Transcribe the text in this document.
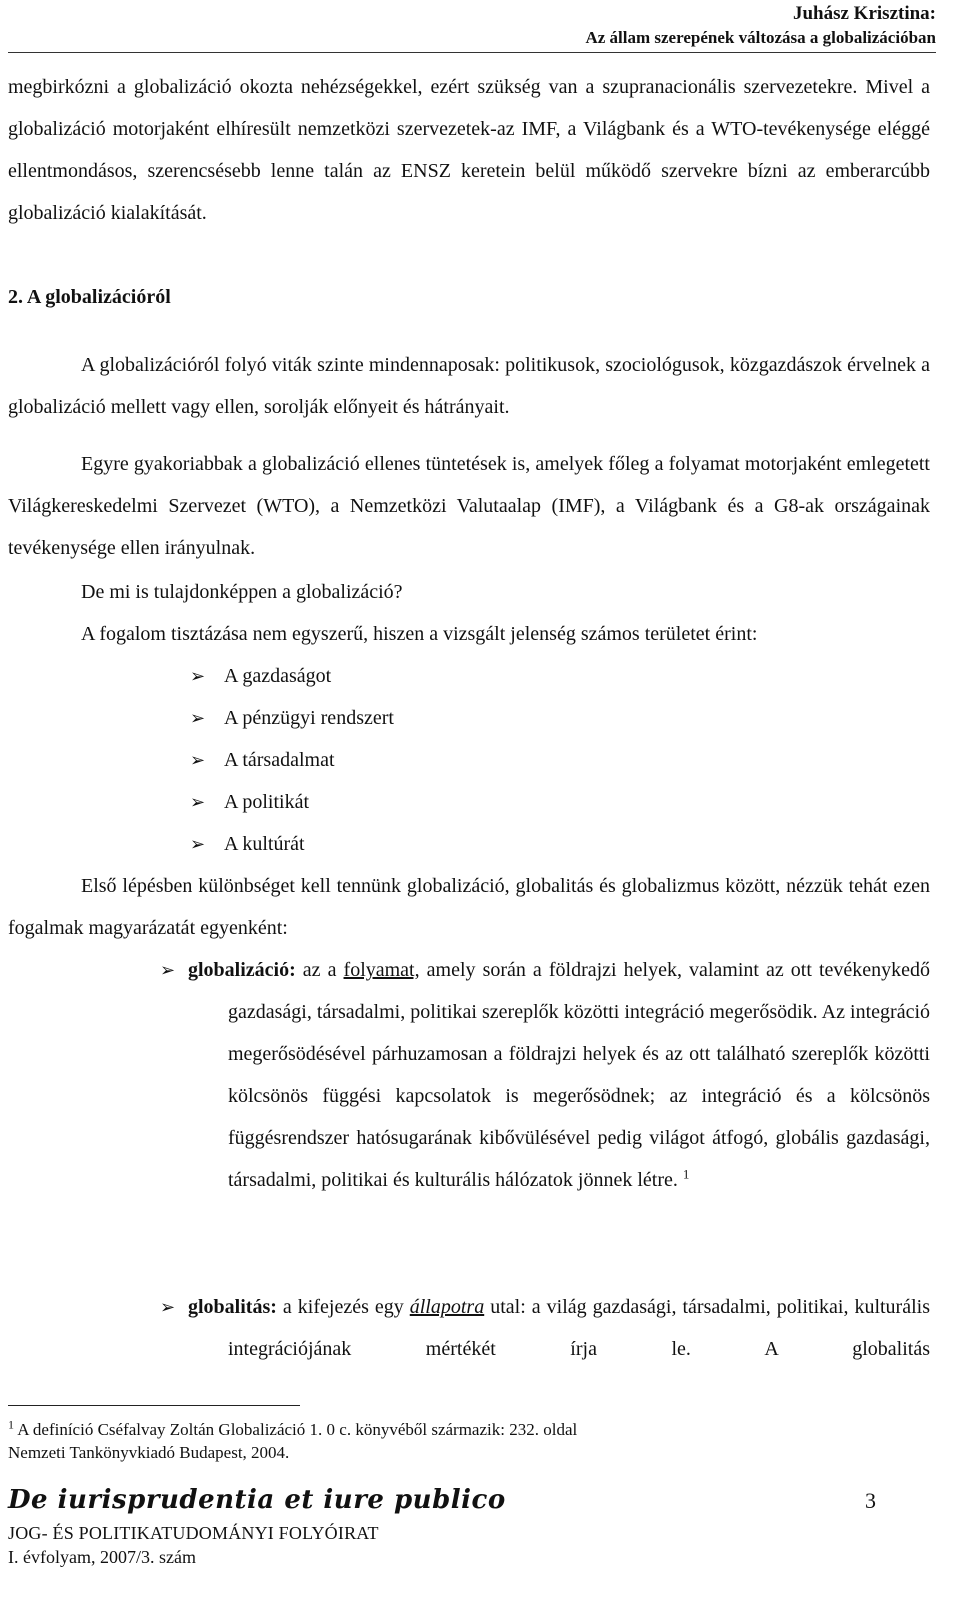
Juhász Krisztina:
Az állam szerepének változása a globalizációban

megbirkózni a globalizáció okozta nehézségekkel, ezért szükség van a szupranacionális szervezetekre. Mivel a globalizáció motorjaként elhíresült nemzetközi szervezetek-az IMF, a Világbank és a WTO-tevékenysége eléggé ellentmondásos, szerencsésebb lenne talán az ENSZ keretein belül működő szervekre bízni az emberarcúbb globalizáció kialakítását.

2. A globalizációról

A globalizációról folyó viták szinte mindennaposak: politikusok, szociológusok, közgazdászok érvelnek a globalizáció mellett vagy ellen, sorolják előnyeit és hátrányait.

Egyre gyakoriabbak a globalizáció ellenes tüntetések is, amelyek főleg a folyamat motorjaként emlegetett Világkereskedelmi Szervezet (WTO), a Nemzetközi Valutaalap (IMF), a Világbank és a G8-ak országainak tevékenysége ellen irányulnak.

De mi is tulajdonképpen a globalizáció?
A fogalom tisztázása nem egyszerű, hiszen a vizsgált jelenség számos területet érint:
➢ A gazdaságot
➢ A pénzügyi rendszert
➢ A társadalmat
➢ A politikát
➢ A kultúrát

Első lépésben különbséget kell tennünk globalizáció, globalitás és globalizmus között, nézzük tehát ezen fogalmak magyarázatát egyenként:

➢ globalizáció: az a folyamat, amely során a földrajzi helyek, valamint az ott tevékenykedő gazdasági, társadalmi, politikai szereplők közötti integráció megerősödik. Az integráció megerősödésével párhuzamosan a földrajzi helyek és az ott található szereplők közötti kölcsönös függési kapcsolatok is megerősödnek; az integráció és a kölcsönös függésrendszer hatósugarának kibővülésével pedig világot átfogó, globális gazdasági, társadalmi, politikai és kulturális hálózatok jönnek létre. $^1$
➢ globalitás: a kifejezés egy állapotra utal: a világ gazdasági, társadalmi, politikai, kulturális integrációjának mértékét írja le. A globalitás
$^1$ A definíció Cséfalvay Zoltán Globalizáció 1. 0 c. könyvéből származik: 232. oldal
Nemzeti Tankönyvkiadó Budapest, 2004.
De iurisprudentia et iure publico	3
JOG- ÉS POLITIKATUDOMÁNYI FOLYÓIRAT
I. évfolyam, 2007/3. szám
